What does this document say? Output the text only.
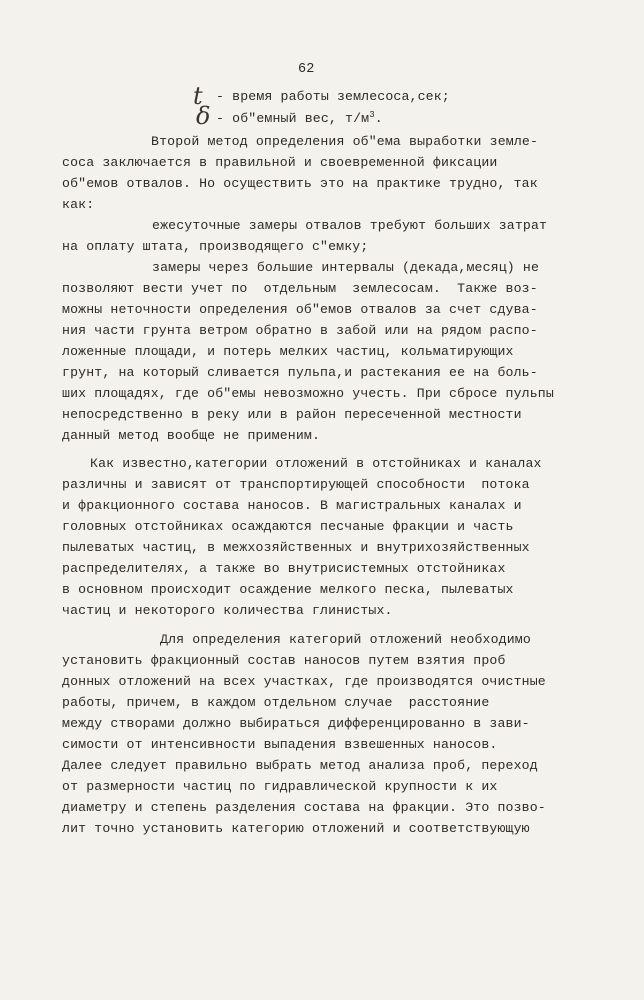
62
t - время работы землесоса,сек;
δ - об"емный вес, $т/м^3$.

Второй метод определения об"ема выработки земле-

соса заключается в правильной и своевременной фиксации

об"емов отвалов. Но осуществить это на практике трудно, так

как:

ежесуточные замеры отвалов требуют больших затрат

на оплату штата, производящего с"емку;

замеры через большие интервалы (декада,месяц) не

позволяют вести учет по  отдельным  землесосам.  Также воз-

можны неточности определения об"емов отвалов за счет сдува-

ния части грунта ветром обратно в забой или на рядом распо-

ложенные площади, и потерь мелких частиц, кольматирующих

грунт, на который сливается пульпа,и растекания ее на боль-

ших площадях, где об"емы невозможно учесть. При сбросе пульпы

непосредственно в реку или в район пересеченной местности

данный метод вообще не применим.

Как известно,категории отложений в отстойниках и каналах

различны и зависят от транспортирующей способности  потока

и фракционного состава наносов. В магистральных каналах и

головных отстойниках осаждаются песчаные фракции и часть

пылеватых частиц, в межхозяйственных и внутрихозяйственных

распределителях, а также во внутрисистемных отстойниках

в основном происходит осаждение мелкого песка, пылеватых

частиц и некоторого количества глинистых.

Для определения категорий отложений необходимо

установить фракционный состав наносов путем взятия проб

донных отложений на всех участках, где производятся очистные

работы, причем, в каждом отдельном случае  расстояние

между створами должно выбираться дифференцированно в зави-

симости от интенсивности выпадения взвешенных наносов.

Далее следует правильно выбрать метод анализа проб, переход

от размерности частиц по гидравлической крупности к их

диаметру и степень разделения состава на фракции. Это позво-

лит точно установить категорию отложений и соответствующую
